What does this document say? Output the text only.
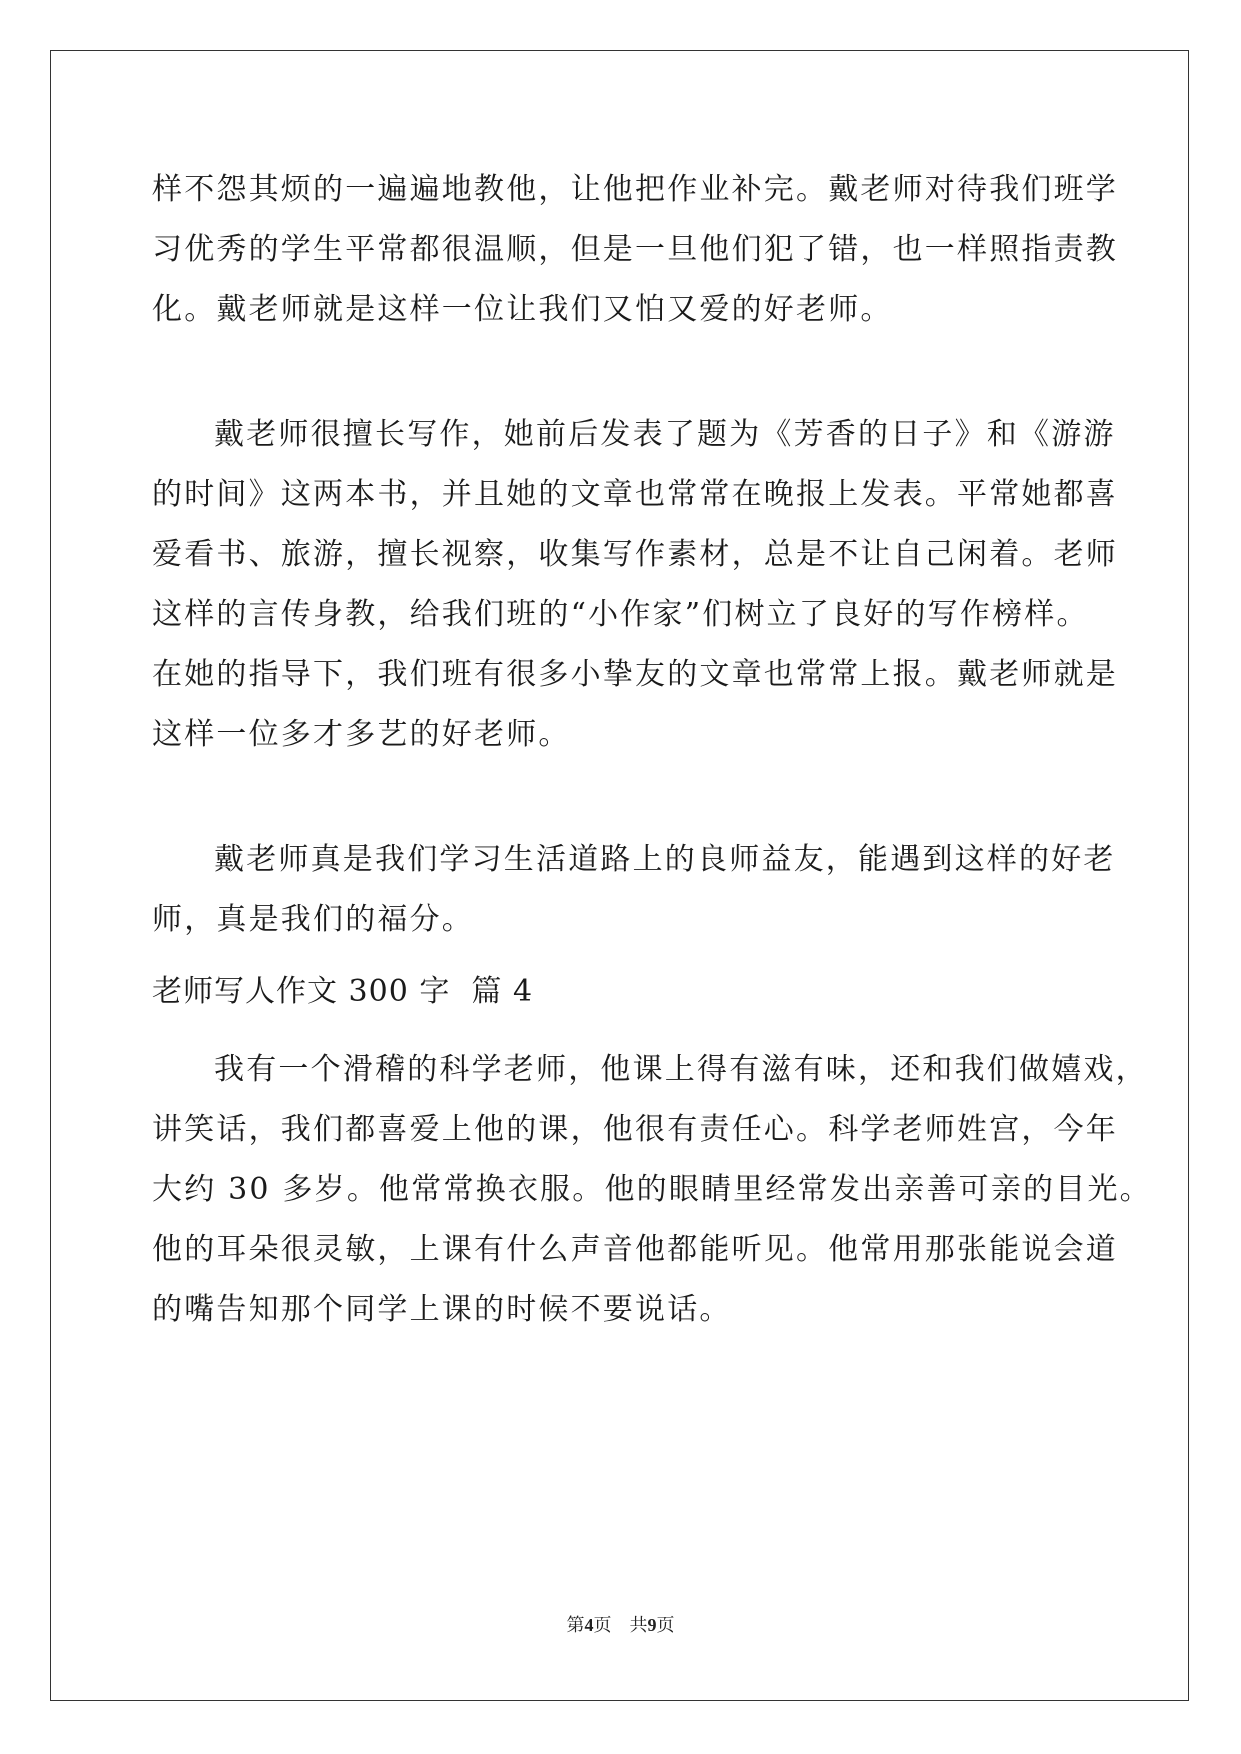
样不怨其烦的一遍遍地教他，让他把作业补完。戴老师对待我们班学
习优秀的学生平常都很温顺，但是一旦他们犯了错，也一样照指责教
化。戴老师就是这样一位让我们又怕又爱的好老师。
戴老师很擅长写作，她前后发表了题为《芳香的日子》和《游游
的时间》这两本书，并且她的文章也常常在晚报上发表。平常她都喜
爱看书、旅游，擅长视察，收集写作素材，总是不让自己闲着。老师
这样的言传身教，给我们班的“小作家”们树立了良好的写作榜样。
在她的指导下，我们班有很多小挚友的文章也常常上报。戴老师就是
这样一位多才多艺的好老师。
戴老师真是我们学习生活道路上的良师益友，能遇到这样的好老
师，真是我们的福分。
老师写人作文 300 字  篇 4
我有一个滑稽的科学老师，他课上得有滋有味，还和我们做嬉戏，
讲笑话，我们都喜爱上他的课，他很有责任心。科学老师姓宫，今年
大约 30 多岁。他常常换衣服。他的眼睛里经常发出亲善可亲的目光。
他的耳朵很灵敏，上课有什么声音他都能听见。他常用那张能说会道
的嘴告知那个同学上课的时候不要说话。
第4页　共9页
